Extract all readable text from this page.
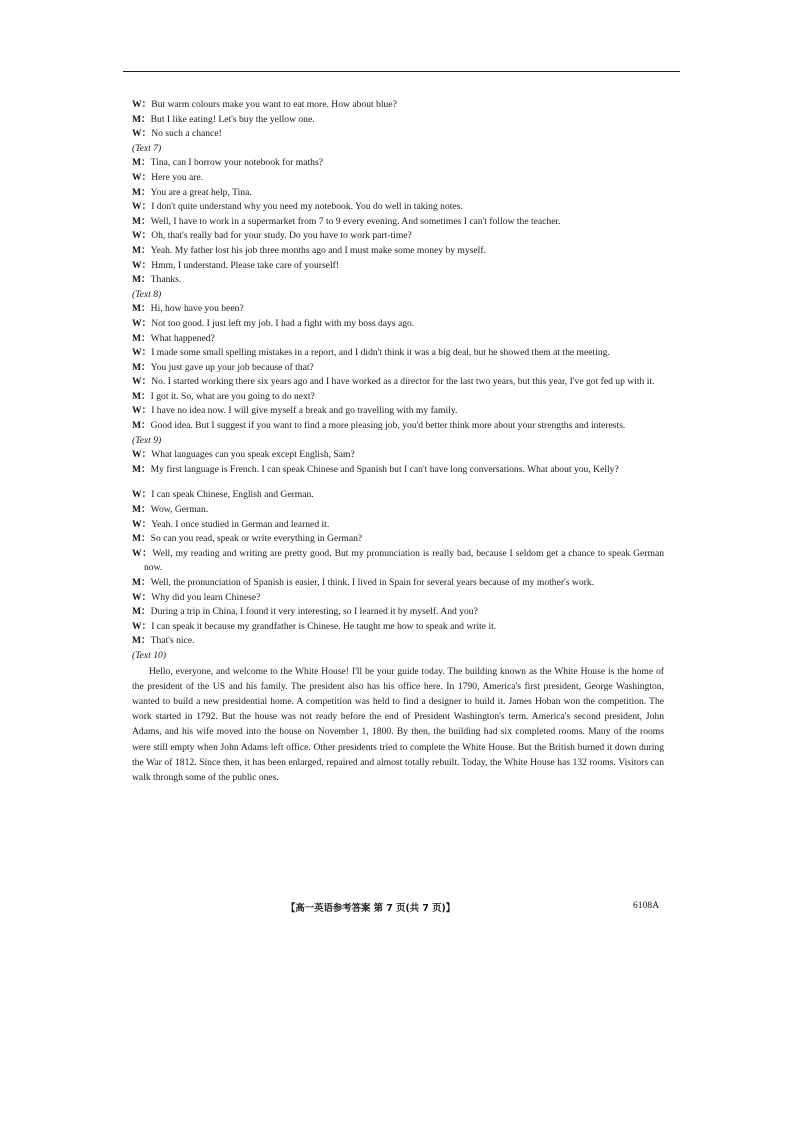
W：But warm colours make you want to eat more. How about blue?

M：But I like eating! Let's buy the yellow one.

W：No such a chance!

(Text 7)

M：Tina, can I borrow your notebook for maths?

W：Here you are.

M：You are a great help, Tina.

W：I don't quite understand why you need my notebook. You do well in taking notes.

M：Well, I have to work in a supermarket from 7 to 9 every evening. And sometimes I can't follow the teacher.

W：Oh, that's really bad for your study. Do you have to work part-time?

M：Yeah. My father lost his job three months ago and I must make some money by myself.

W：Hmm, I understand. Please take care of yourself!

M：Thanks.

(Text 8)

M：Hi, how have you been?

W：Not too good. I just left my job. I had a fight with my boss days ago.

M：What happened?

W：I made some small spelling mistakes in a report, and I didn't think it was a big deal, but he showed them at the meeting.

M：You just gave up your job because of that?

W：No. I started working there six years ago and I have worked as a director for the last two years, but this year, I've got fed up with it.

M：I got it. So, what are you going to do next?

W：I have no idea now. I will give myself a break and go travelling with my family.

M：Good idea. But I suggest if you want to find a more pleasing job, you'd better think more about your strengths and interests.

(Text 9)

W：What languages can you speak except English, Sam?

M：My first language is French. I can speak Chinese and Spanish but I can't have long conversations. What about you, Kelly?

W：I can speak Chinese, English and German.

M：Wow, German.

W：Yeah. I once studied in German and learned it.

M：So can you read, speak or write everything in German?

W：Well, my reading and writing are pretty good. But my pronunciation is really bad, because I seldom get a chance to speak German now.

M：Well, the pronunciation of Spanish is easier, I think. I lived in Spain for several years because of my mother's work.

W：Why did you learn Chinese?

M：During a trip in China, I found it very interesting, so I learned it by myself. And you?

W：I can speak it because my grandfather is Chinese. He taught me how to speak and write it.

M：That's nice.

(Text 10)

Hello, everyone, and welcome to the White House! I'll be your guide today. The building known as the White House is the home of the president of the US and his family. The president also has his office here. In 1790, America's first president, George Washington, wanted to build a new presidential home. A competition was held to find a designer to build it. James Hoban won the competition. The work started in 1792. But the house was not ready before the end of President Washington's term. America's second president, John Adams, and his wife moved into the house on November 1, 1800. By then, the building had six completed rooms. Many of the rooms were still empty when John Adams left office. Other presidents tried to complete the White House. But the British burned it down during the War of 1812. Since then, it has been enlarged, repaired and almost totally rebuilt. Today, the White House has 132 rooms. Visitors can walk through some of the public ones.

【高一英语参考答案 第 7 页(共 7 页)】	6108A
